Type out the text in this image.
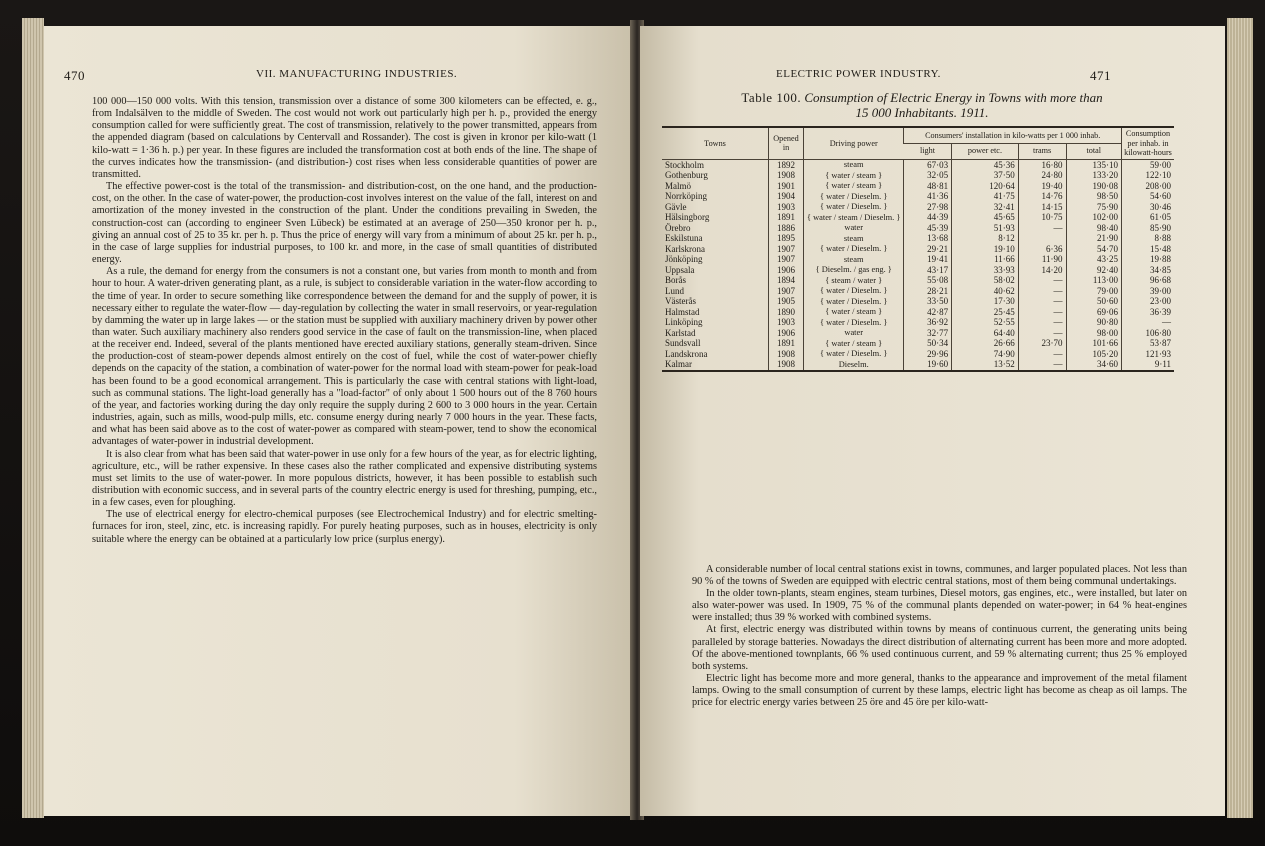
470	VII. MANUFACTURING INDUSTRIES.

100 000—150 000 volts. With this tension, transmission over a distance of some 300 kilometers can be effected, e. g., from Indalsälven to the middle of Sweden. The cost would not work out particularly high per h. p., provided the energy consumption called for were sufficiently great. The cost of transmission, relatively to the power transmitted, appears from the appended diagram (based on calculations by Centervall and Rossander). The cost is given in kronor per kilo-watt (1 kilo-watt = 1·36 h. p.) per year. In these figures are included the transformation cost at both ends of the line. The shape of the curves indicates how the transmission- (and distribution-) cost rises when less considerable quantities of power are transmitted.

The effective power-cost is the total of the transmission- and distribution-cost, on the one hand, and the production-cost, on the other. In the case of water-power, the production-cost involves interest on the value of the fall, interest on and amortization of the money invested in the construction of the plant. Under the conditions prevailing in Sweden, the construction-cost can (according to engineer Sven Lübeck) be estimated at an average of 250—350 kronor per h. p., giving an annual cost of 25 to 35 kr. per h. p. Thus the price of energy will vary from a minimum of about 25 kr. per h. p., in the case of large supplies for industrial purposes, to 100 kr. and more, in the case of small quantities of distributed energy.

As a rule, the demand for energy from the consumers is not a constant one, but varies from month to month and from hour to hour. A water-driven generating plant, as a rule, is subject to considerable variation in the water-flow according to the time of year. In order to secure something like correspondence between the demand for and the supply of power, it is necessary either to regulate the water-flow — day-regulation by collecting the water in small reservoirs, or year-regulation by damming the water up in large lakes — or the station must be supplied with auxiliary machinery driven by power other than water. Such auxiliary machinery also renders good service in the case of fault on the transmission-line, when placed at the receiver end. Indeed, several of the plants mentioned have erected auxiliary stations, generally steam-driven. Since the production-cost of steam-power depends almost entirely on the cost of fuel, while the cost of water-power chiefly depends on the capacity of the station, a combination of water-power for the normal load with steam-power for peak-load has been found to be a good economical arrangement. This is particularly the case with central stations with light-load, such as communal stations. The light-load generally has a "load-factor" of only about 1 500 hours out of the 8 760 hours of the year, and factories working during the day only require the supply during 2 600 to 3 000 hours in the year. Certain industries, again, such as mills, wood-pulp mills, etc. consume energy during nearly 7 000 hours in the year. These facts, and what has been said above as to the cost of water-power as compared with steam-power, tend to show the economical advantages of water-power in industrial development.

It is also clear from what has been said that water-power in use only for a few hours of the year, as for electric lighting, agriculture, etc., will be rather expensive. In these cases also the rather complicated and expensive distributing systems must set limits to the use of water-power. In more populous districts, however, it has been possible to establish such distribution with economic success, and in several parts of the country electric energy is used for threshing, pumping, etc., in a few cases, even for ploughing.

The use of electrical energy for electro-chemical purposes (see Electrochemical Industry) and for electric smelting-furnaces for iron, steel, zinc, etc. is increasing rapidly. For purely heating purposes, such as in houses, electricity is only suitable where the energy can be obtained at a particularly low price (surplus energy).

ELECTRIC POWER INDUSTRY.	471
Table 100. Consumption of Electric Energy in Towns with more than
15 000 Inhabitants. 1911.
Towns	Opened in	Driving power	Consumers' installation in kilo-watts per 1 000 inhab.				Consumption per inhab. in kilowatt-hours
			light	power etc.	trams	total	
Stockholm	1892	steam	67·03	45·36	16·80	135·10	59·00
Gothenburg	1908	{ water / steam }	32·05	37·50	24·80	133·20	122·10
Malmö	1901	{ water / steam }	48·81	120·64	19·40	190·08	208·00
Norrköping	1904	{ water / Dieselm. }	41·36	41·75	14·76	98·50	54·60
Gävle	1903	{ water / Dieselm. }	27·98	32·41	14·15	75·90	30·46
Hälsingborg	1891	{ water / steam / Dieselm. }	44·39	45·65	10·75	102·00	61·05
Örebro	1886	water	45·39	51·93	—	98·40	85·90
Eskilstuna	1895	steam	13·68	8·12		21·90	8·88
Karlskrona	1907	{ water / Dieselm. }	29·21	19·10	6·36	54·70	15·48
Jönköping	1907	steam	19·41	11·66	11·90	43·25	19·88
Uppsala	1906	{ Dieselm. / gas eng. }	43·17	33·93	14·20	92·40	34·85
Borås	1894	{ steam / water }	55·08	58·02	—	113·00	96·68
Lund	1907	{ water / Dieselm. }	28·21	40·62	—	79·00	39·00
Västerås	1905	{ water / Dieselm. }	33·50	17·30	—	50·60	23·00
Halmstad	1890	{ water / steam }	42·87	25·45	—	69·06	36·39
Linköping	1903	{ water / Dieselm. }	36·92	52·55	—	90·80	—
Karlstad	1906	water	32·77	64·40	—	98·00	106·80
Sundsvall	1891	{ water / steam }	50·34	26·66	23·70	101·66	53·87
Landskrona	1908	{ water / Dieselm. }	29·96	74·90	—	105·20	121·93
Kalmar	1908	Dieselm.	19·60	13·52	—	34·60	9·11

A considerable number of local central stations exist in towns, communes, and larger populated places. Not less than 90 % of the towns of Sweden are equipped with electric central stations, most of them being communal undertakings.

In the older town-plants, steam engines, steam turbines, Diesel motors, gas engines, etc., were installed, but later on also water-power was used. In 1909, 75 % of the communal plants depended on water-power; in 64 % heat-engines were installed; thus 39 % worked with combined systems.

At first, electric energy was distributed within towns by means of continuous current, the generating units being paralleled by storage batteries. Nowadays the direct distribution of alternating current has been more and more adopted. Of the above-mentioned townplants, 66 % used continuous current, and 59 % alternating current; thus 25 % employed both systems.

Electric light has become more and more general, thanks to the appearance and improvement of the metal filament lamps. Owing to the small consumption of current by these lamps, electric light has become as cheap as oil lamps. The price for electric energy varies between 25 öre and 45 öre per kilo-watt-
